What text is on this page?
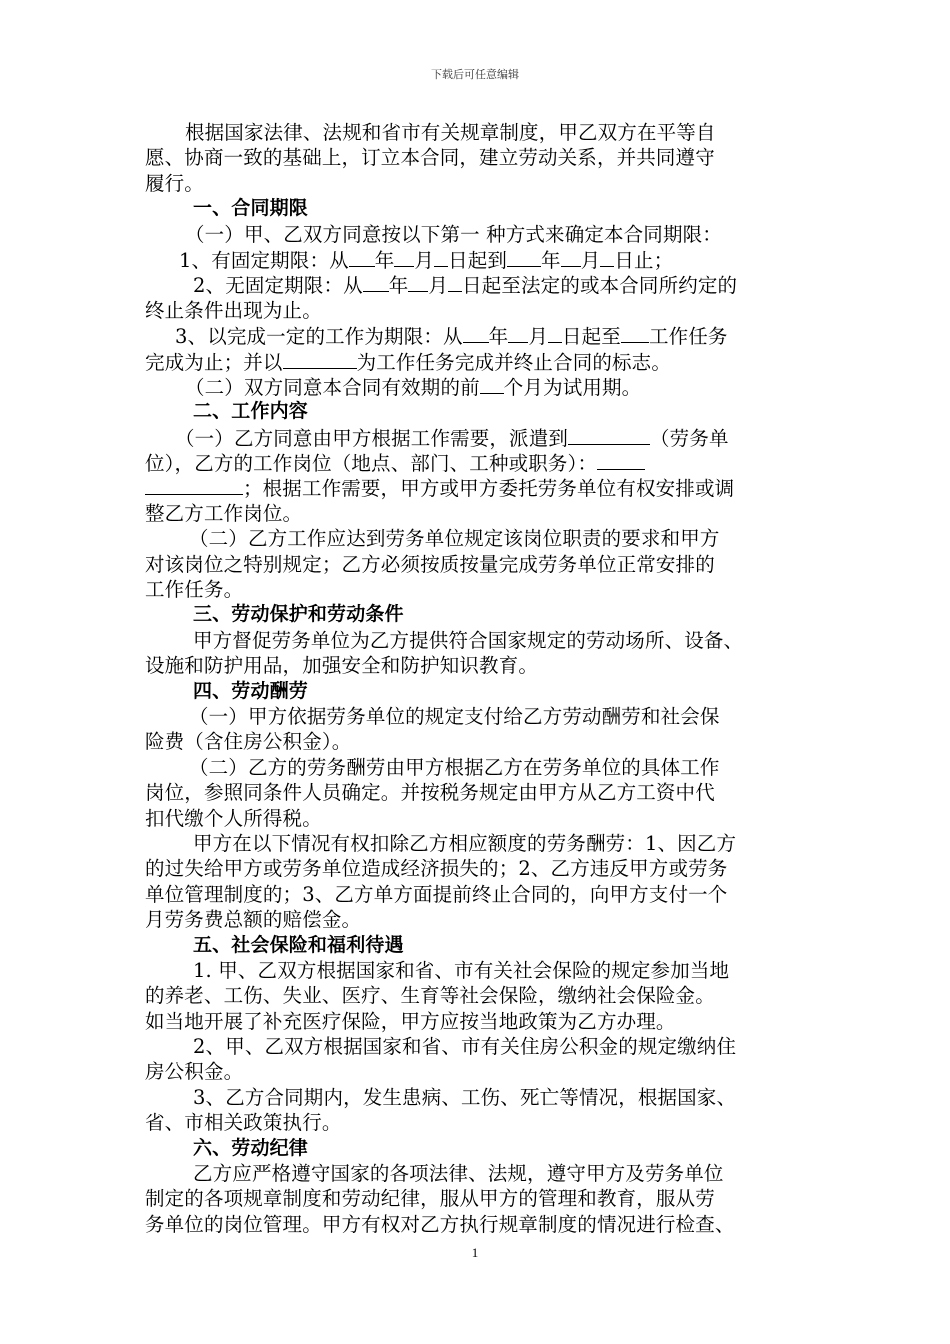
下载后可任意编辑
根据国家法律、法规和省市有关规章制度，甲乙双方在平等自
愿、协商一致的基础上，订立本合同，建立劳动关系，并共同遵守
履行。
一、合同期限
（一）甲、乙双方同意按以下第一 种方式来确定本合同期限：
1、有固定期限：从 年 月 日起到 年 月 日止；
2、无固定期限：从 年 月 日起至法定的或本合同所约定的
终止条件出现为止。
3、以完成一定的工作为期限：从 年 月 日起至 工作任务
完成为止；并以	为工作任务完成并终止合同的标志。
（二）双方同意本合同有效期的前 个月为试用期。
二、工作内容
（一）乙方同意由甲方根据工作需要，派遣到	（劳务单
位），乙方的工作岗位（地点、部门、工种或职务）：
；根据工作需要，甲方或甲方委托劳务单位有权安排或调
整乙方工作岗位。
（二）乙方工作应达到劳务单位规定该岗位职责的要求和甲方
对该岗位之特别规定；乙方必须按质按量完成劳务单位正常安排的
工作任务。
三、劳动保护和劳动条件
甲方督促劳务单位为乙方提供符合国家规定的劳动场所、设备、
设施和防护用品，加强安全和防护知识教育。
四、劳动酬劳
（一）甲方依据劳务单位的规定支付给乙方劳动酬劳和社会保
险费（含住房公积金）。
（二）乙方的劳务酬劳由甲方根据乙方在劳务单位的具体工作
岗位，参照同条件人员确定。并按税务规定由甲方从乙方工资中代
扣代缴个人所得税。
甲方在以下情况有权扣除乙方相应额度的劳务酬劳：1、因乙方
的过失给甲方或劳务单位造成经济损失的；2、乙方违反甲方或劳务
单位管理制度的；3、乙方单方面提前终止合同的，向甲方支付一个
月劳务费总额的赔偿金。
五、社会保险和福利待遇
1. 甲、乙双方根据国家和省、市有关社会保险的规定参加当地
的养老、工伤、失业、医疗、生育等社会保险，缴纳社会保险金。
如当地开展了补充医疗保险，甲方应按当地政策为乙方办理。
2、甲、乙双方根据国家和省、市有关住房公积金的规定缴纳住
房公积金。
3、乙方合同期内，发生患病、工伤、死亡等情况，根据国家、
省、市相关政策执行。
六、劳动纪律
乙方应严格遵守国家的各项法律、法规，遵守甲方及劳务单位
制定的各项规章制度和劳动纪律，服从甲方的管理和教育，服从劳
务单位的岗位管理。甲方有权对乙方执行规章制度的情况进行检查、
1
